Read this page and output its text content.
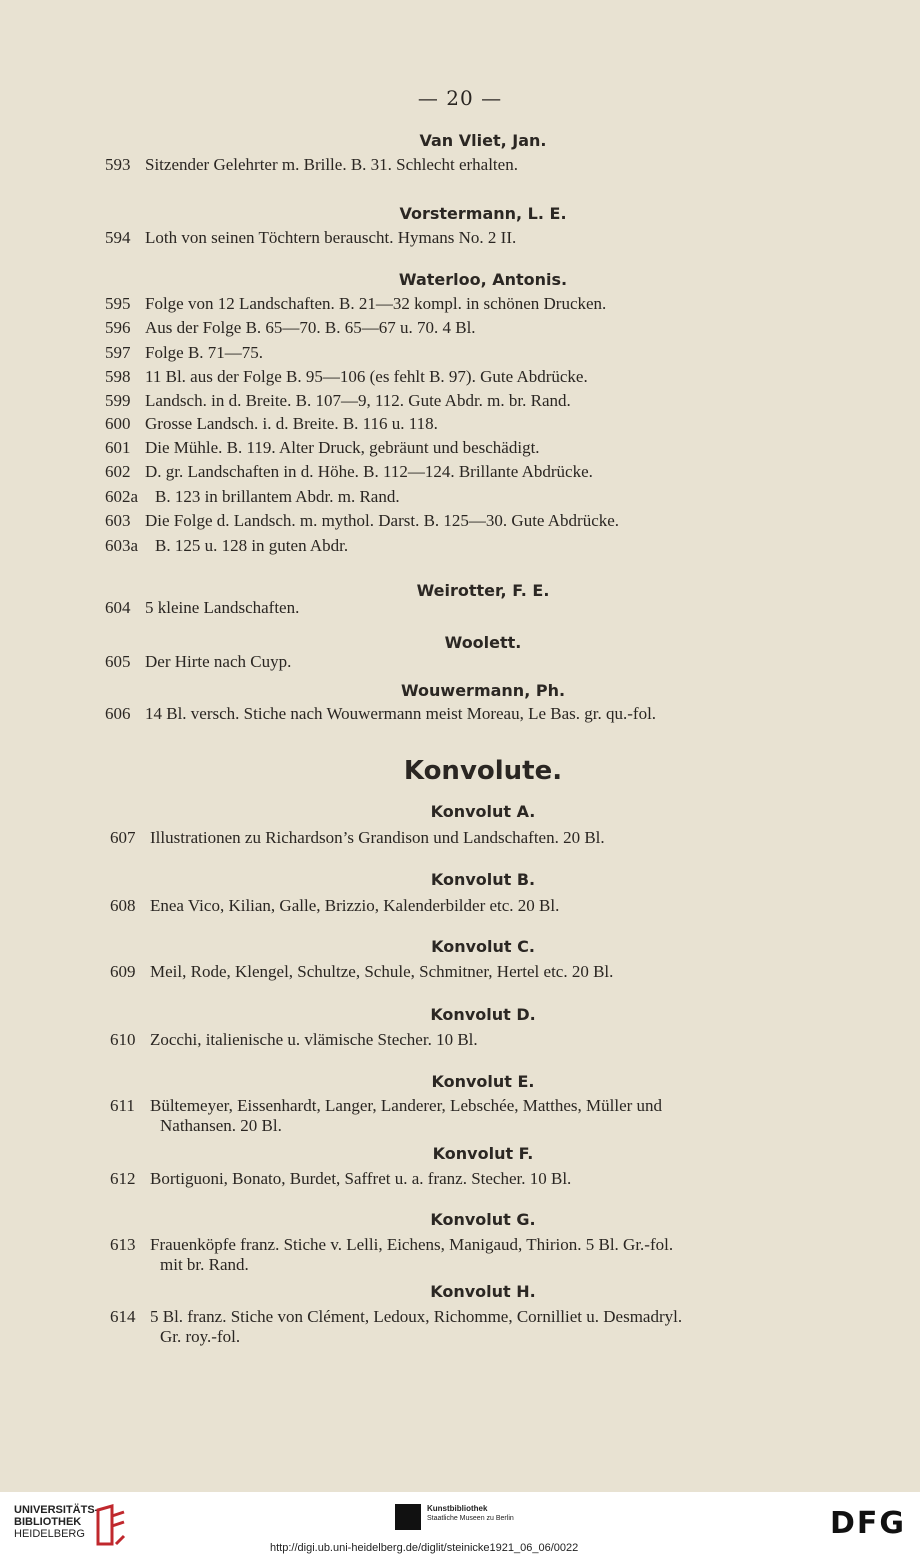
— 20 —
Van Vliet, Jan.
593 Sitzender Gelehrter m. Brille. B. 31. Schlecht erhalten.
Vorstermann, L. E.
594 Loth von seinen Töchtern berauscht. Hymans No. 2 II.
Waterloo, Antonis.
595 Folge von 12 Landschaften. B. 21—32 kompl. in schönen Drucken.
596 Aus der Folge B. 65—70. B. 65—67 u. 70. 4 Bl.
597 Folge B. 71—75.
598 11 Bl. aus der Folge B. 95—106 (es fehlt B. 97). Gute Abdrücke.
599 Landsch. in d. Breite. B. 107—9, 112. Gute Abdr. m. br. Rand.
600 Grosse Landsch. i. d. Breite. B. 116 u. 118.
601 Die Mühle. B. 119. Alter Druck, gebräunt und beschädigt.
602 D. gr. Landschaften in d. Höhe. B. 112—124. Brillante Abdrücke.
602a B. 123 in brillantem Abdr. m. Rand.
603 Die Folge d. Landsch. m. mythol. Darst. B. 125—30. Gute Abdrücke.
603a B. 125 u. 128 in guten Abdr.
Weirotter, F. E.
604 5 kleine Landschaften.
Woolett.
605 Der Hirte nach Cuyp.
Wouwermann, Ph.
606 14 Bl. versch. Stiche nach Wouwermann meist Moreau, Le Bas. gr. qu.-fol.
Konvolute.
Konvolut A.
607 Illustrationen zu Richardson’s Grandison und Landschaften. 20 Bl.
Konvolut B.
608 Enea Vico, Kilian, Galle, Brizzio, Kalenderbilder etc. 20 Bl.
Konvolut C.
609 Meil, Rode, Klengel, Schultze, Schule, Schmitner, Hertel etc. 20 Bl.
Konvolut D.
610 Zocchi, italienische u. vlämische Stecher. 10 Bl.
Konvolut E.
611 Bültemeyer, Eissenhardt, Langer, Landerer, Lebschée, Matthes, Müller und
Nathansen. 20 Bl.
Konvolut F.
612 Bortiguoni, Bonato, Burdet, Saffret u. a. franz. Stecher. 10 Bl.
Konvolut G.
613 Frauenköpfe franz. Stiche v. Lelli, Eichens, Manigaud, Thirion. 5 Bl. Gr.-fol.
mit br. Rand.
Konvolut H.
614 5 Bl. franz. Stiche von Clément, Ledoux, Richomme, Cornilliet u. Desmadryl.
Gr. roy.-fol.
UNIVERSITÄTS-
BIBLIOTHEK
HEIDELBERG
Kunstbibliothek
Staatliche Museen zu Berlin
http://digi.ub.uni-heidelberg.de/diglit/steinicke1921_06_06/0022
DFG
